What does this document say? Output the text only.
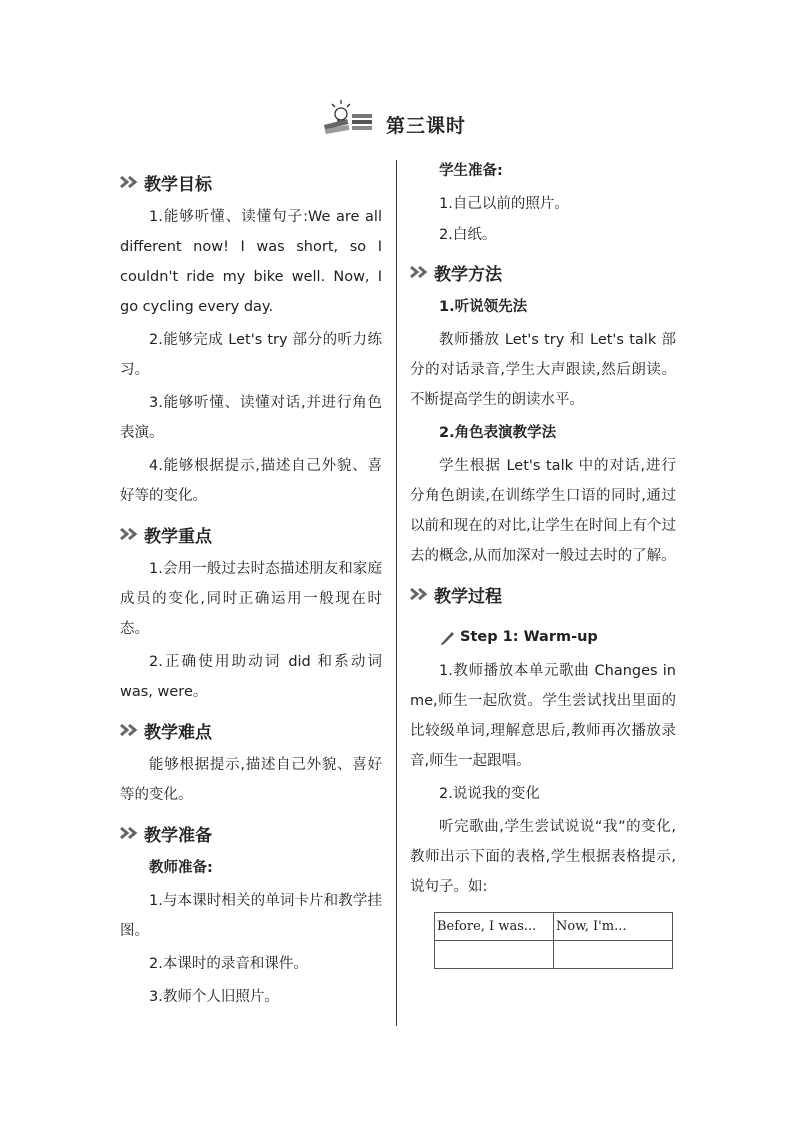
第三课时
教学目标

1.能够听懂、读懂句子:We are all different now! I was short, so I couldn't ride my bike well. Now, I go cycling every day.

2.能够完成 Let's try 部分的听力练习。

3.能够听懂、读懂对话,并进行角色表演。

4.能够根据提示,描述自己外貌、喜好等的变化。

教学重点

1.会用一般过去时态描述朋友和家庭成员的变化,同时正确运用一般现在时态。

2.正确使用助动词 did 和系动词 was, were。

教学难点

能够根据提示,描述自己外貌、喜好等的变化。

教学准备
教师准备:

1.与本课时相关的单词卡片和教学挂图。

2.本课时的录音和课件。

3.教师个人旧照片。

学生准备:
1.自己以前的照片。
2.白纸。
教学方法
1.听说领先法

教师播放 Let's try 和 Let's talk 部分的对话录音,学生大声跟读,然后朗读。不断提高学生的朗读水平。

2.角色表演教学法

学生根据 Let's talk 中的对话,进行分角色朗读,在训练学生口语的同时,通过以前和现在的对比,让学生在时间上有个过去的概念,从而加深对一般过去时的了解。

教学过程
Step 1: Warm-up

1.教师播放本单元歌曲 Changes in me,师生一起欣赏。学生尝试找出里面的比较级单词,理解意思后,教师再次播放录音,师生一起跟唱。

2.说说我的变化

听完歌曲,学生尝试说说“我”的变化,教师出示下面的表格,学生根据表格提示,说句子。如:

Before, I was...	Now, I'm...
